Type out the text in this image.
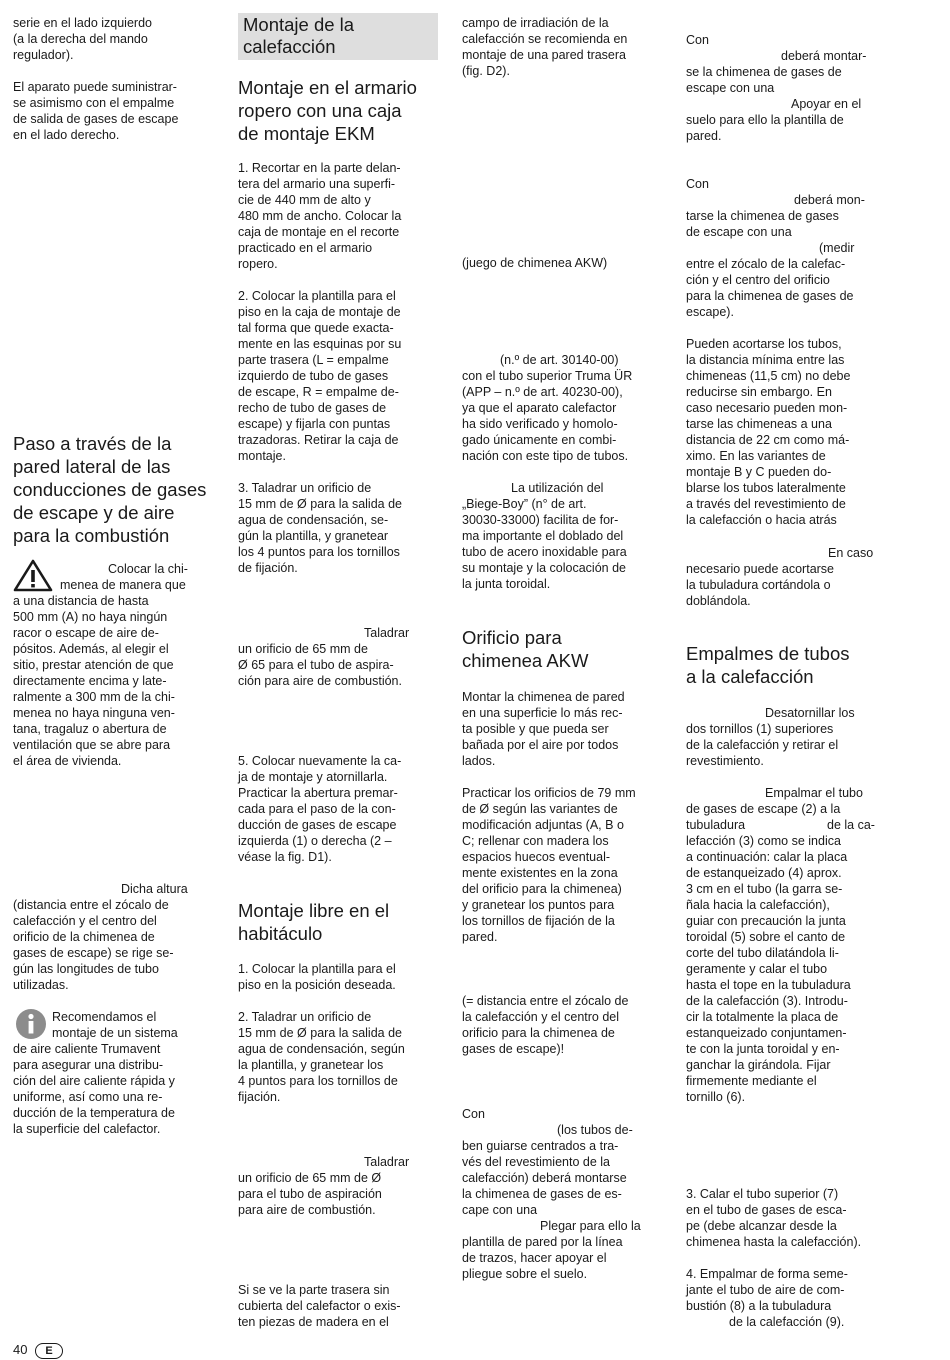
serie en el lado izquierdo
(a la derecha del mando
regulador).
El aparato puede suministrar-
se asimismo con el empalme
de salida de gases de escape
en el lado derecho.
Paso a través de la
pared lateral de las
conducciones de gases
de escape y de aire
para la combustión
Colocar la chi-
menea de manera que
a una distancia de hasta
500 mm (A) no haya ningún
racor o escape de aire de-
pósitos. Además, al elegir el
sitio, prestar atención de que
directamente encima y late-
ralmente a 300 mm de la chi-
menea no haya ninguna ven-
tana, tragaluz o abertura de
ventilación que se abre para
el área de vivienda.
Dicha altura
(distancia entre el zócalo de
calefacción y el centro del
orificio de la chimenea de
gases de escape) se rige se-
gún las longitudes de tubo
utilizadas.
Recomendamos el
montaje de un sistema
de aire caliente Trumavent
para asegurar una distribu-
ción del aire caliente rápida y
uniforme, así como una re-
ducción de la temperatura de
la superficie del calefactor.
Montaje de la
calefacción
Montaje en el armario
ropero con una caja
de montaje EKM
1. Recortar en la parte delan-
tera del armario una superfi-
cie de 440 mm de alto y
480 mm de ancho. Colocar la
caja de montaje en el recorte
practicado en el armario
ropero.
2. Colocar la plantilla para el
piso en la caja de montaje de
tal forma que quede exacta-
mente en las esquinas por su
parte trasera (L = empalme
izquierdo de tubo de gases
de escape, R = empalme de-
recho de tubo de gases de
escape) y fijarla con puntas
trazadoras. Retirar la caja de
montaje.
3. Taladrar un orificio de
15 mm de Ø para la salida de
agua de condensación, se-
gún la plantilla, y granetear
los 4 puntos para los tornillos
de fijación.
Taladrar
un orificio de 65 mm de
Ø 65 para el tubo de aspira-
ción para aire de combustión.
5. Colocar nuevamente la ca-
ja de montaje y atornillarla.
Practicar la abertura premar-
cada para el paso de la con-
ducción de gases de escape
izquierda (1) o derecha (2 –
véase la fig. D1).
Montaje libre en el
habitáculo
1. Colocar la plantilla para el
piso en la posición deseada.
2. Taladrar un orificio de
15 mm de Ø para la salida de
agua de condensación, según
la plantilla, y granetear los
4 puntos para los tornillos de
fijación.
Taladrar
un orificio de 65 mm de Ø
para el tubo de aspiración
para aire de combustión.
Si se ve la parte trasera sin
cubierta del calefactor o exis-
ten piezas de madera en el
campo de irradiación de la
calefacción se recomienda en
montaje de una pared trasera
(fig. D2).
(juego de chimenea AKW)
(n.º de art. 30140-00)
con el tubo superior Truma ÜR
(APP – n.º de art. 40230-00),
ya que el aparato calefactor
ha sido verificado y homolo-
gado únicamente en combi-
nación con este tipo de tubos.
La utilización del
„Biege-Boy” (n° de art.
30030-33000) facilita de for-
ma importante el doblado del
tubo de acero inoxidable para
su montaje y la colocación de
la junta toroidal.
Orificio para
chimenea AKW
Montar la chimenea de pared
en una superficie lo más rec-
ta posible y que pueda ser
bañada por el aire por todos
lados.
Practicar los orificios de 79 mm
de Ø según las variantes de
modificación adjuntas (A, B o
C; rellenar con madera los
espacios huecos eventual-
mente existentes en la zona
del orificio para la chimenea)
y granetear los puntos para
los tornillos de fijación de la
pared.
(= distancia entre el zócalo de
la calefacción y el centro del
orificio para la chimenea de
gases de escape)!
Con
(los tubos de-
ben guiarse centrados a tra-
vés del revestimiento de la
calefacción) deberá montarse
la chimenea de gases de es-
cape con una
Plegar para ello la
plantilla de pared por la línea
de trazos, hacer apoyar el
pliegue sobre el suelo.
Con
deberá montar-
se la chimenea de gases de
escape con una
Apoyar en el
suelo para ello la plantilla de
pared.
Con
deberá mon-
tarse la chimenea de gases
de escape con una
(medir
entre el zócalo de la calefac-
ción y el centro del orificio
para la chimenea de gases de
escape).
Pueden acortarse los tubos,
la distancia mínima entre las
chimeneas (11,5 cm) no debe
reducirse sin embargo. En
caso necesario pueden mon-
tarse las chimeneas a una
distancia de 22 cm como má-
ximo. En las variantes de
montaje B y C pueden do-
blarse los tubos lateralmente
a través del revestimiento de
la calefacción o hacia atrás
En caso
necesario puede acortarse
la tubuladura cortándola o
doblándola.
Empalmes de tubos
a la calefacción
Desatornillar los
dos tornillos (1) superiores
de la calefacción y retirar el
revestimiento.
Empalmar el tubo
de gases de escape (2) a la
tubuladura	de la ca-
lefacción (3) como se indica
a continuación: calar la placa
de estanqueizado (4) aprox.
3 cm en el tubo (la garra se-
ñala hacia la calefacción),
guiar con precaución la junta
toroidal (5) sobre el canto de
corte del tubo dilatándola li-
geramente y calar el tubo
hasta el tope en la tubuladura
de la calefacción (3). Introdu-
cir la totalmente la placa de
estanqueizado conjuntamen-
te con la junta toroidal y en-
ganchar la girándola. Fijar
firmemente mediante el
tornillo (6).
3. Calar el tubo superior (7)
en el tubo de gases de esca-
pe (debe alcanzar desde la
chimenea hasta la calefacción).
4. Empalmar de forma seme-
jante el tubo de aire de com-
bustión (8) a la tubuladura
de la calefacción (9).
40 E
